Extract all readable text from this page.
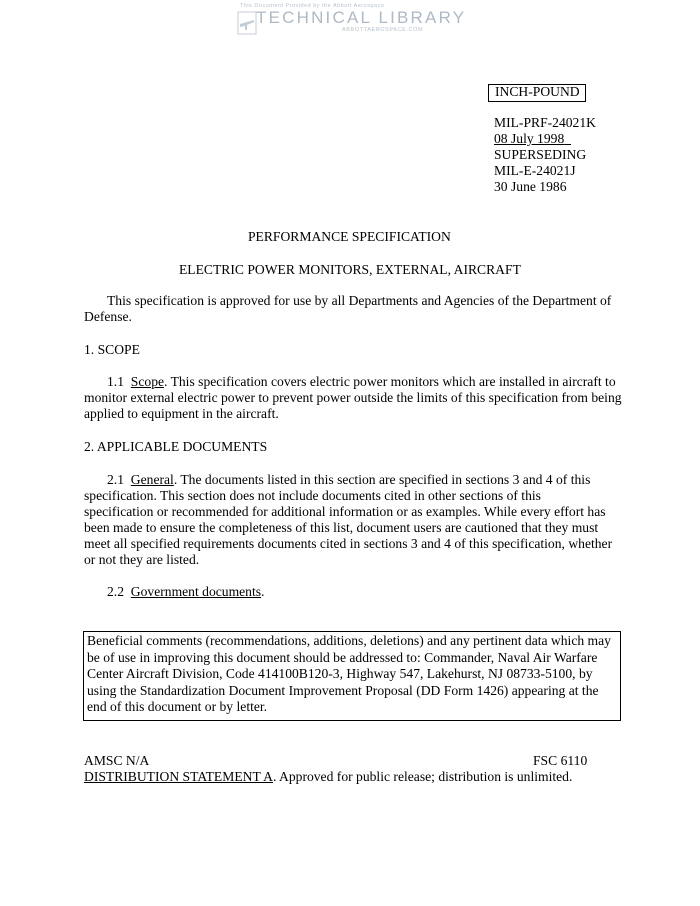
This Document Provided by the Abbott Aerospace
TECHNICAL LIBRARY
ABBOTTAEROSPACE.COM
INCH-POUND
MIL-PRF-24021K
08 July 1998
SUPERSEDING
MIL-E-24021J
30 June 1986
PERFORMANCE SPECIFICATION
ELECTRIC POWER MONITORS, EXTERNAL, AIRCRAFT
This specification is approved for use by all Departments and Agencies of the Department of
Defense.
1. SCOPE
1.1 Scope. This specification covers electric power monitors which are installed in aircraft to
monitor external electric power to prevent power outside the limits of this specification from being
applied to equipment in the aircraft.
2. APPLICABLE DOCUMENTS
2.1 General. The documents listed in this section are specified in sections 3 and 4 of this
specification. This section does not include documents cited in other sections of this
specification or recommended for additional information or as examples. While every effort has
been made to ensure the completeness of this list, document users are cautioned that they must
meet all specified requirements documents cited in sections 3 and 4 of this specification, whether
or not they are listed.
2.2 Government documents.
Beneficial comments (recommendations, additions, deletions) and any pertinent data which may
be of use in improving this document should be addressed to: Commander, Naval Air Warfare
Center Aircraft Division, Code 414100B120-3, Highway 547, Lakehurst, NJ 08733-5100, by
using the Standardization Document Improvement Proposal (DD Form 1426) appearing at the
end of this document or by letter.
AMSC N/A	FSC 6110
DISTRIBUTION STATEMENT A. Approved for public release; distribution is unlimited.
